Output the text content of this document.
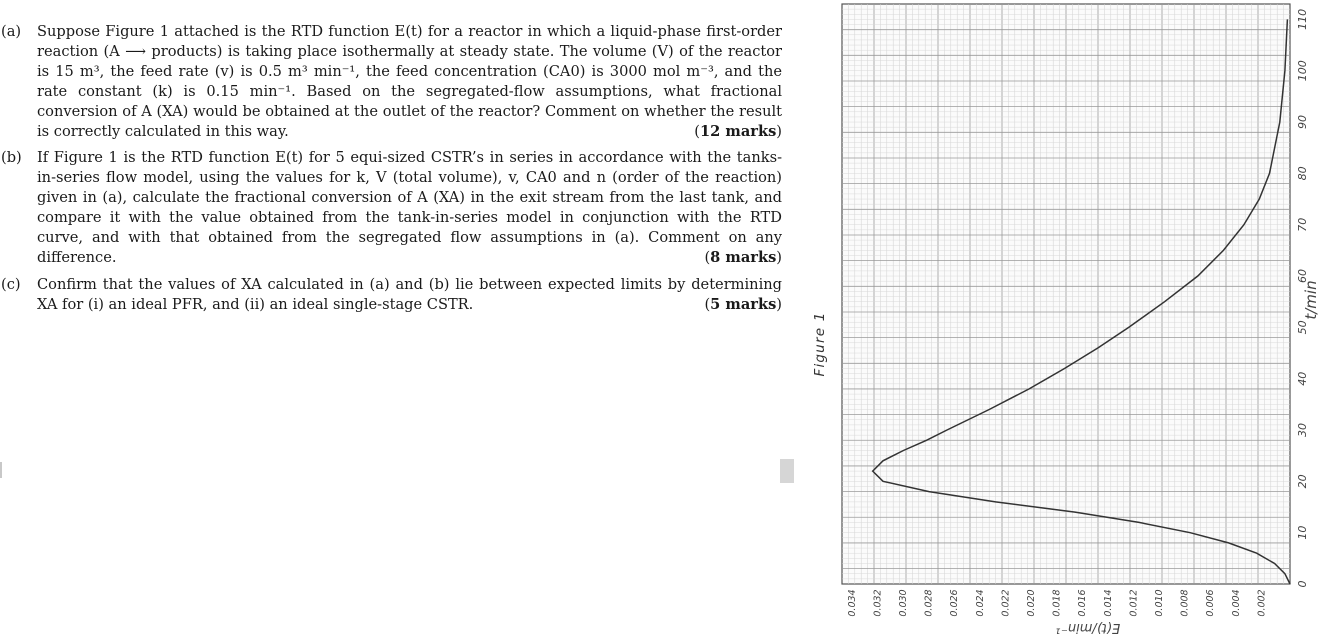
(a) Suppose Figure 1 attached is the RTD function E(t) for a reactor in which a liquid-phase first-order reaction (A ⟶ products) is taking place isothermally at steady state. The volume (V) of the reactor is 15 m³, the feed rate (v) is 0.5 m³ min⁻¹, the feed concentration (CA0) is 3000 mol m⁻³, and the rate constant (k) is 0.15 min⁻¹. Based on the segregated-flow assumptions, what fractional conversion of A (XA) would be obtained at the outlet of the reactor? Comment on whether the result is correctly calculated in this way.	( 12 marks )
(b) If Figure 1 is the RTD function E(t) for 5 equi-sized CSTR’s in series in accordance with the tanks-in-series flow model, using the values for k, V (total volume), v, CA0 and n (order of the reaction) given in (a), calculate the fractional conversion of A (XA) in the exit stream from the last tank, and compare it with the value obtained from the tank-in-series model in conjunction with the RTD curve, and with that obtained from the segregated flow assumptions in (a). Comment on any difference.	( 8 marks )
(c) Confirm that the values of XA calculated in (a) and (b) lie between expected limits by determining XA for (i) an ideal PFR, and (ii) an ideal single-stage CSTR.	( 5 marks )
Figure 1
0.002
0.004
0.006
0.008
0.010
0.012
0.014
0.016
0.018
0.020
0.022
0.024
0.026
0.028
0.030
0.032
0.034
0
10
20
30
40
50
60
70
80
90
100
110
t/min
E(t)/min⁻¹
